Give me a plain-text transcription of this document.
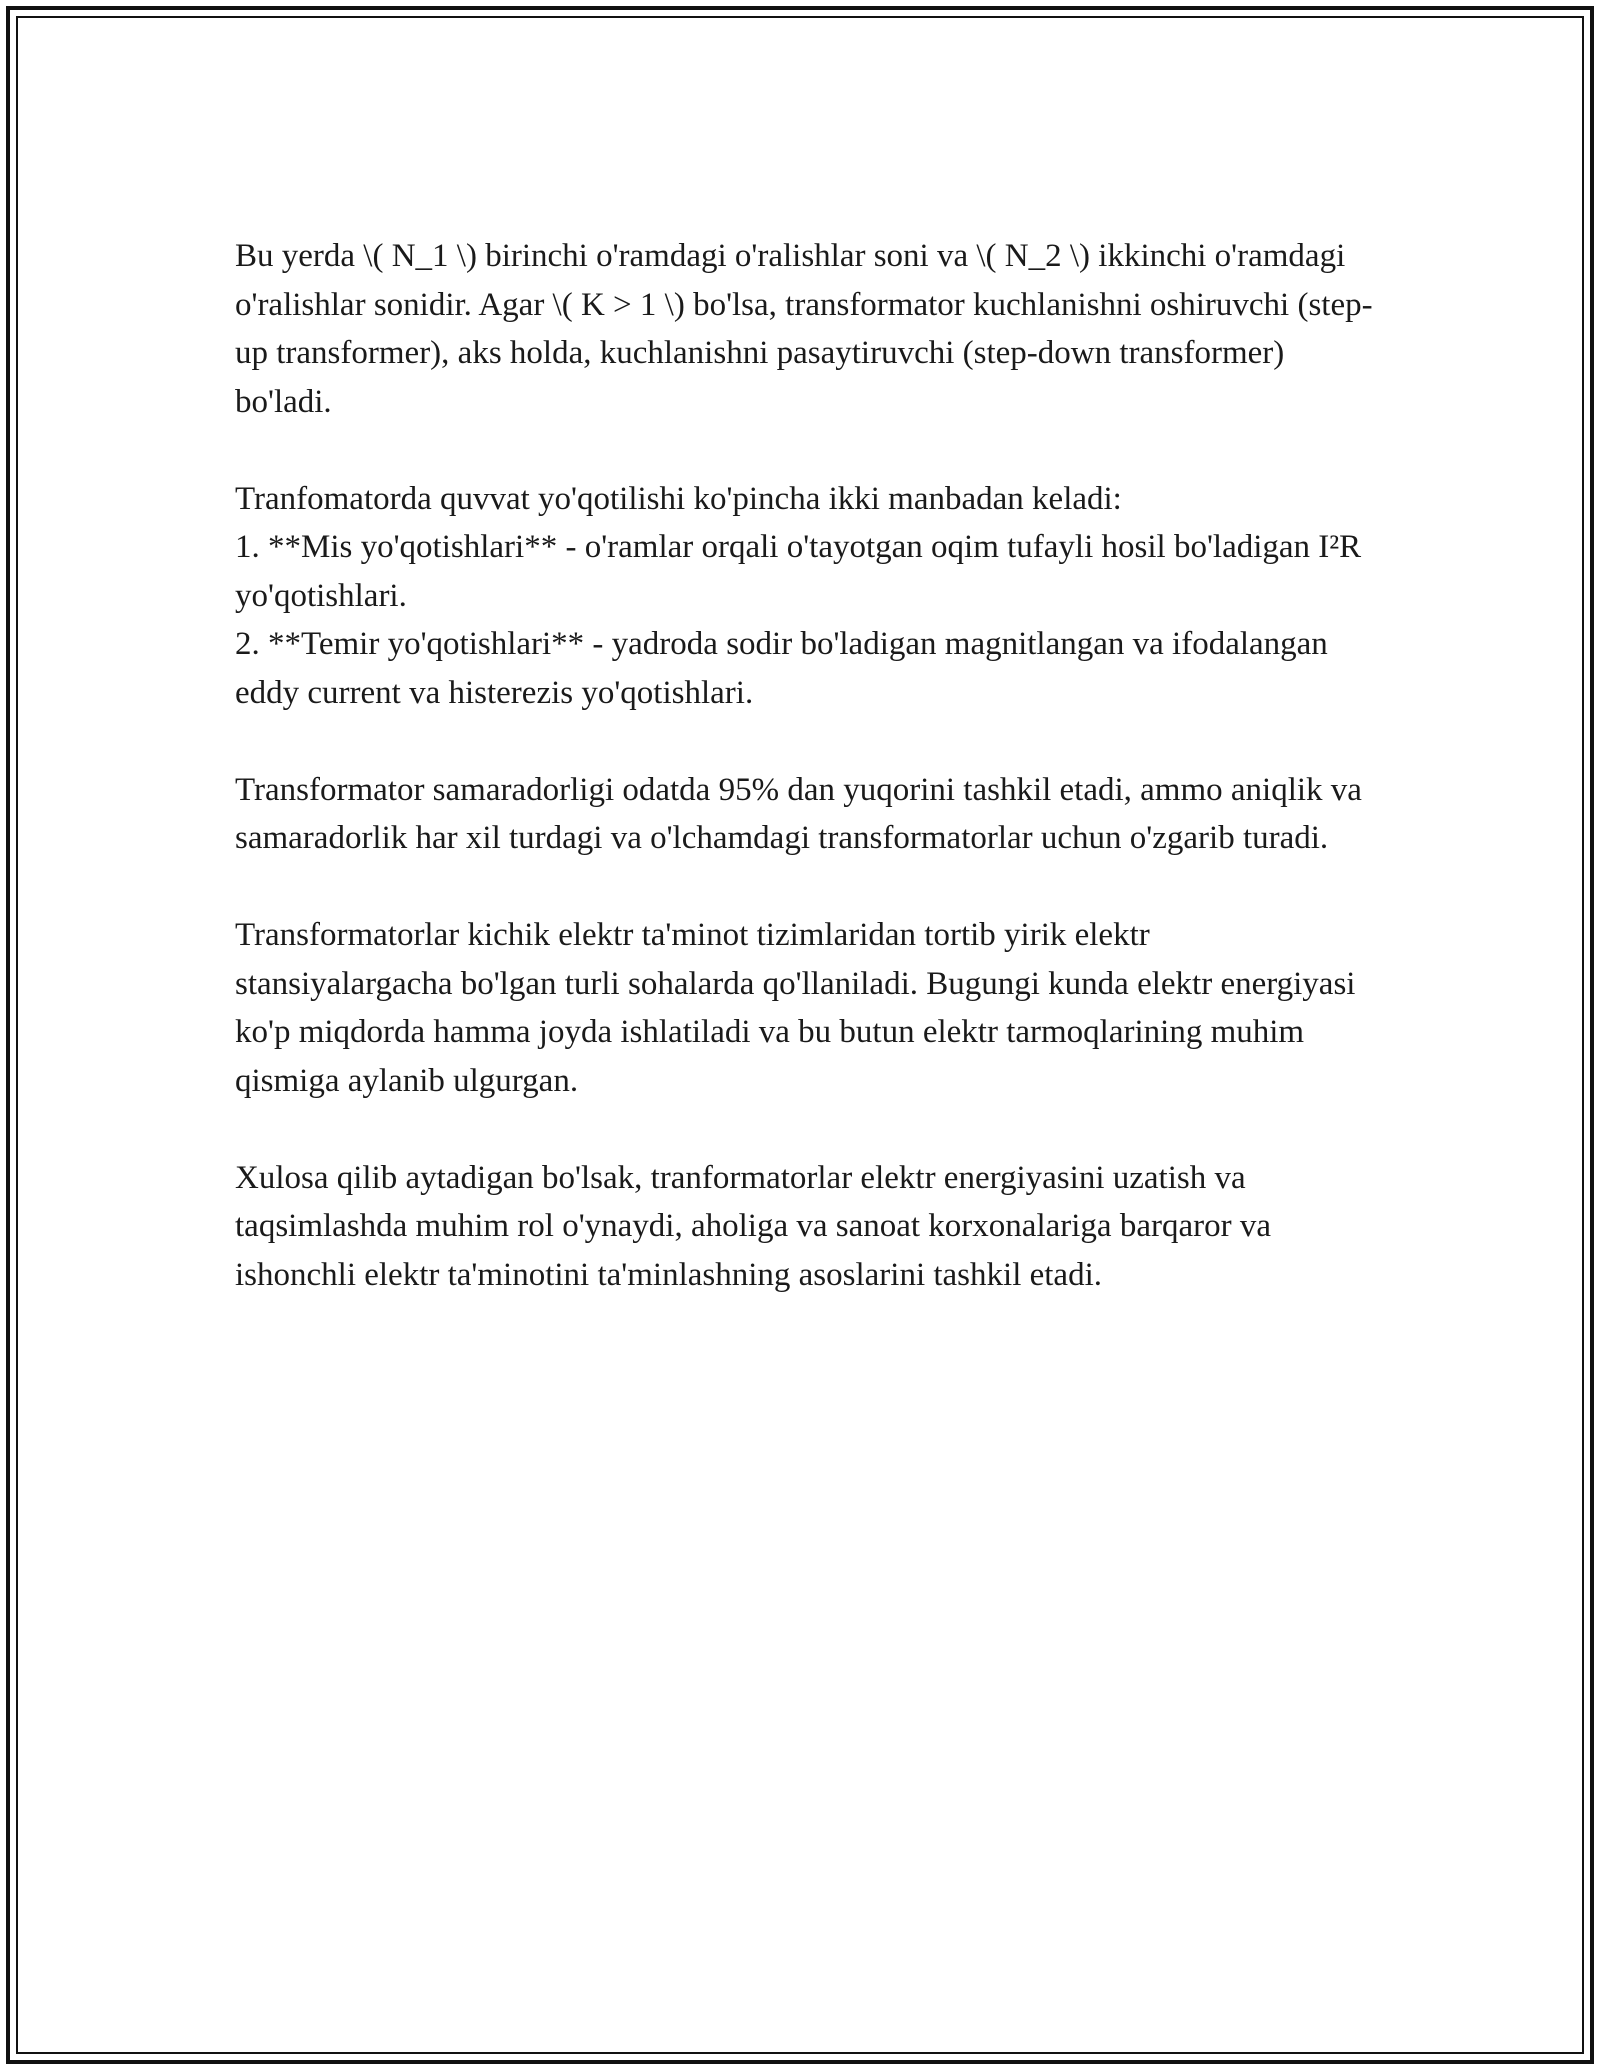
Bu yerda \( N_1 \) birinchi o'ramdagi o'ralishlar soni va \( N_2 \) ikkinchi o'ramdagi o'ralishlar sonidir. Agar \( K > 1 \) bo'lsa, transformator kuchlanishni oshiruvchi (step-up transformer), aks holda, kuchlanishni pasaytiruvchi (step-down transformer) bo'ladi.

Tranfomatorda quvvat yo'qotilishi ko'pincha ikki manbadan keladi:

1. **Mis yo'qotishlari** - o'ramlar orqali o'tayotgan oqim tufayli hosil bo'ladigan I²R yo'qotishlari.

2. **Temir yo'qotishlari** - yadroda sodir bo'ladigan magnitlangan va ifodalangan eddy current va histerezis yo'qotishlari.

Transformator samaradorligi odatda 95% dan yuqorini tashkil etadi, ammo aniqlik va samaradorlik har xil turdagi va o'lchamdagi transformatorlar uchun o'zgarib turadi.

Transformatorlar kichik elektr ta'minot tizimlaridan tortib yirik elektr stansiyalargacha bo'lgan turli sohalarda qo'llaniladi. Bugungi kunda elektr energiyasi ko'p miqdorda hamma joyda ishlatiladi va bu butun elektr tarmoqlarining muhim qismiga aylanib ulgurgan.

Xulosa qilib aytadigan bo'lsak, tranformatorlar elektr energiyasini uzatish va taqsimlashda muhim rol o'ynaydi, aholiga va sanoat korxonalariga barqaror va ishonchli elektr ta'minotini ta'minlashning asoslarini tashkil etadi.
